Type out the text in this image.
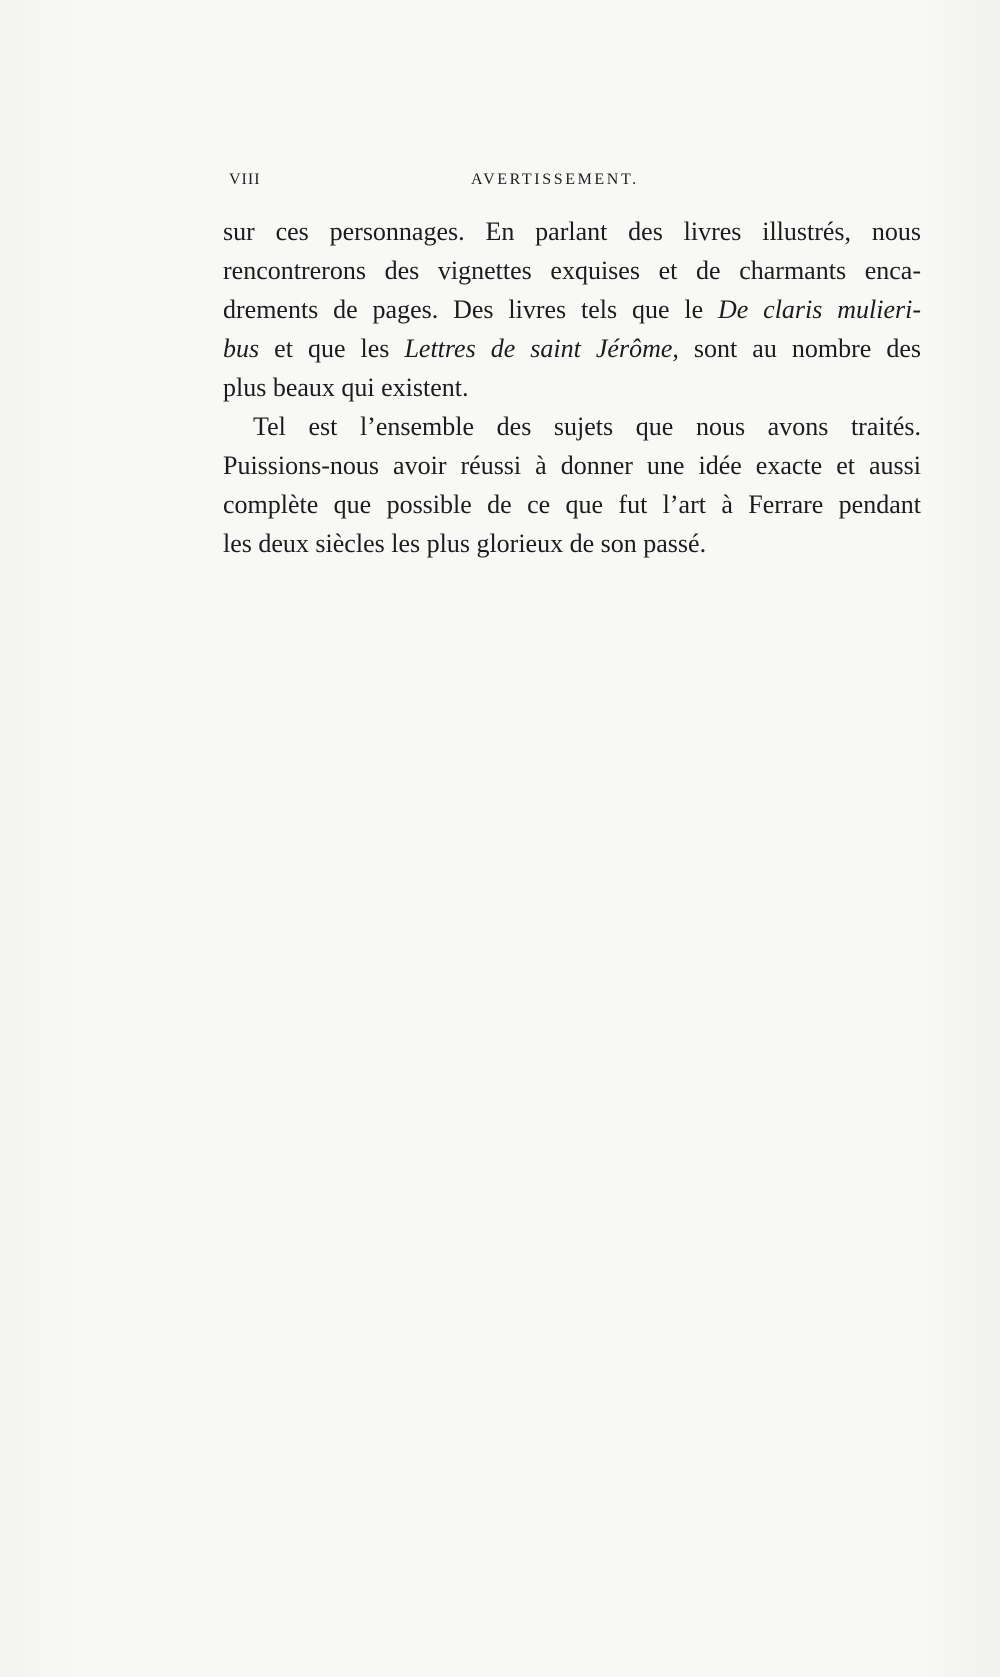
VIII	AVERTISSEMENT.
sur ces personnages. En parlant des livres illustrés, nous
rencontrerons des vignettes exquises et de charmants enca-
drements de pages. Des livres tels que le De claris mulieri-
bus et que les Lettres de saint Jérôme, sont au nombre des
plus beaux qui existent.
Tel est l’ensemble des sujets que nous avons traités.
Puissions-nous avoir réussi à donner une idée exacte et aussi
complète que possible de ce que fut l’art à Ferrare pendant
les deux siècles les plus glorieux de son passé.
